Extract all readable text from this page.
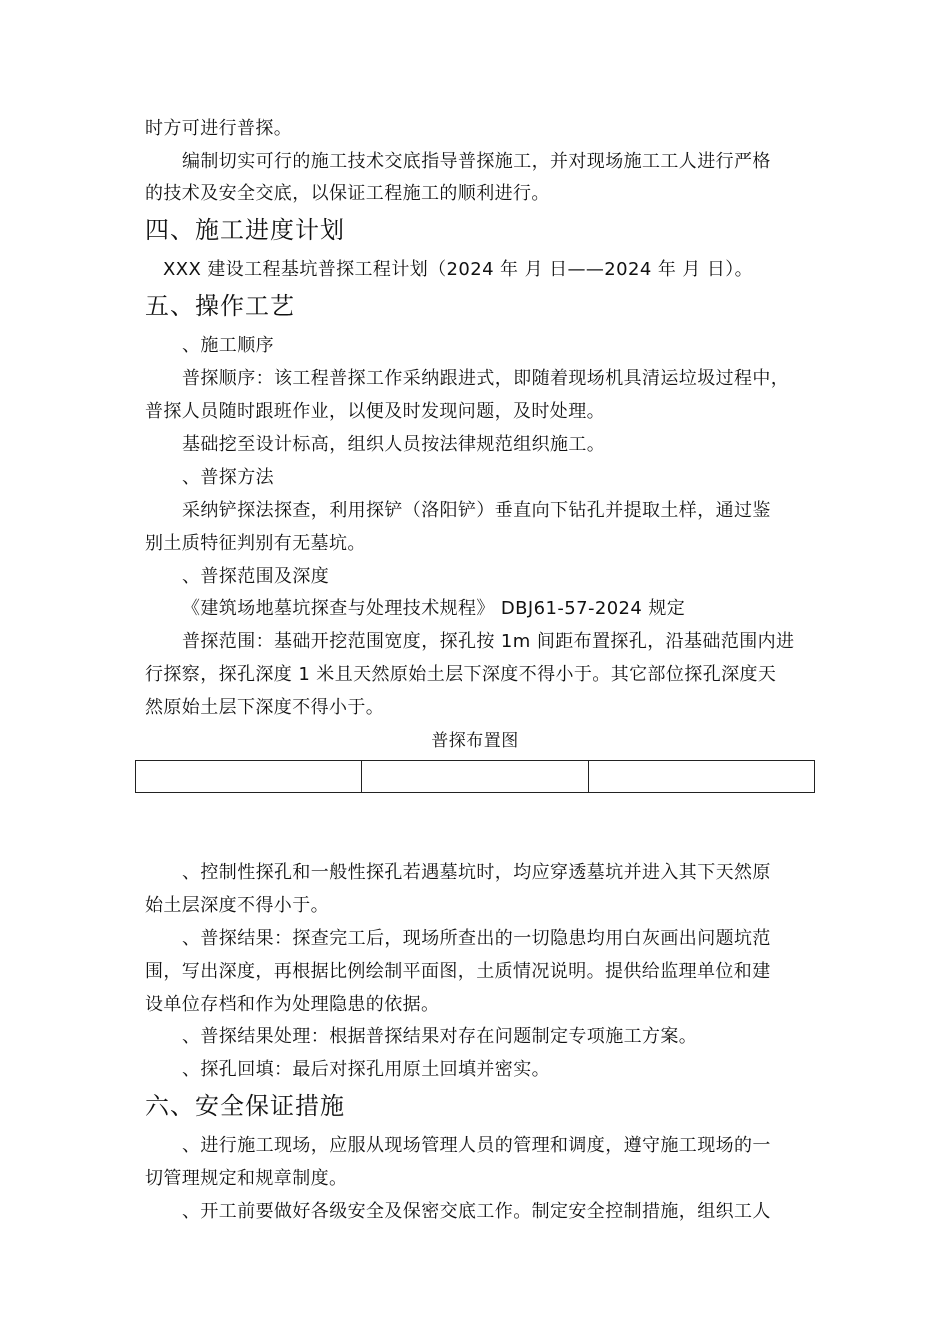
时方可进行普探。
编制切实可行的施工技术交底指导普探施工，并对现场施工工人进行严格
的技术及安全交底，以保证工程施工的顺利进行。
四、施工进度计划
XXX 建设工程基坑普探工程计划（2024 年 月 日——2024 年 月 日）。
五、操作工艺
、施工顺序
普探顺序：该工程普探工作采纳跟进式，即随着现场机具清运垃圾过程中，
普探人员随时跟班作业，以便及时发现问题，及时处理。
基础挖至设计标高，组织人员按法律规范组织施工。
、普探方法
采纳铲探法探查，利用探铲（洛阳铲）垂直向下钻孔并提取土样，通过鉴
别土质特征判别有无墓坑。
、普探范围及深度
《建筑场地墓坑探查与处理技术规程》 DBJ61-57-2024 规定
普探范围：基础开挖范围宽度，探孔按 1m 间距布置探孔，沿基础范围内进
行探察，探孔深度 1 米且天然原始土层下深度不得小于。其它部位探孔深度天
然原始土层下深度不得小于。
普探布置图
、控制性探孔和一般性探孔若遇墓坑时，均应穿透墓坑并进入其下天然原
始土层深度不得小于。
、普探结果：探查完工后，现场所查出的一切隐患均用白灰画出问题坑范
围，写出深度，再根据比例绘制平面图，土质情况说明。提供给监理单位和建
设单位存档和作为处理隐患的依据。
、普探结果处理：根据普探结果对存在问题制定专项施工方案。
、探孔回填：最后对探孔用原土回填并密实。
六、安全保证措施
、进行施工现场，应服从现场管理人员的管理和调度，遵守施工现场的一
切管理规定和规章制度。
、开工前要做好各级安全及保密交底工作。制定安全控制措施，组织工人
